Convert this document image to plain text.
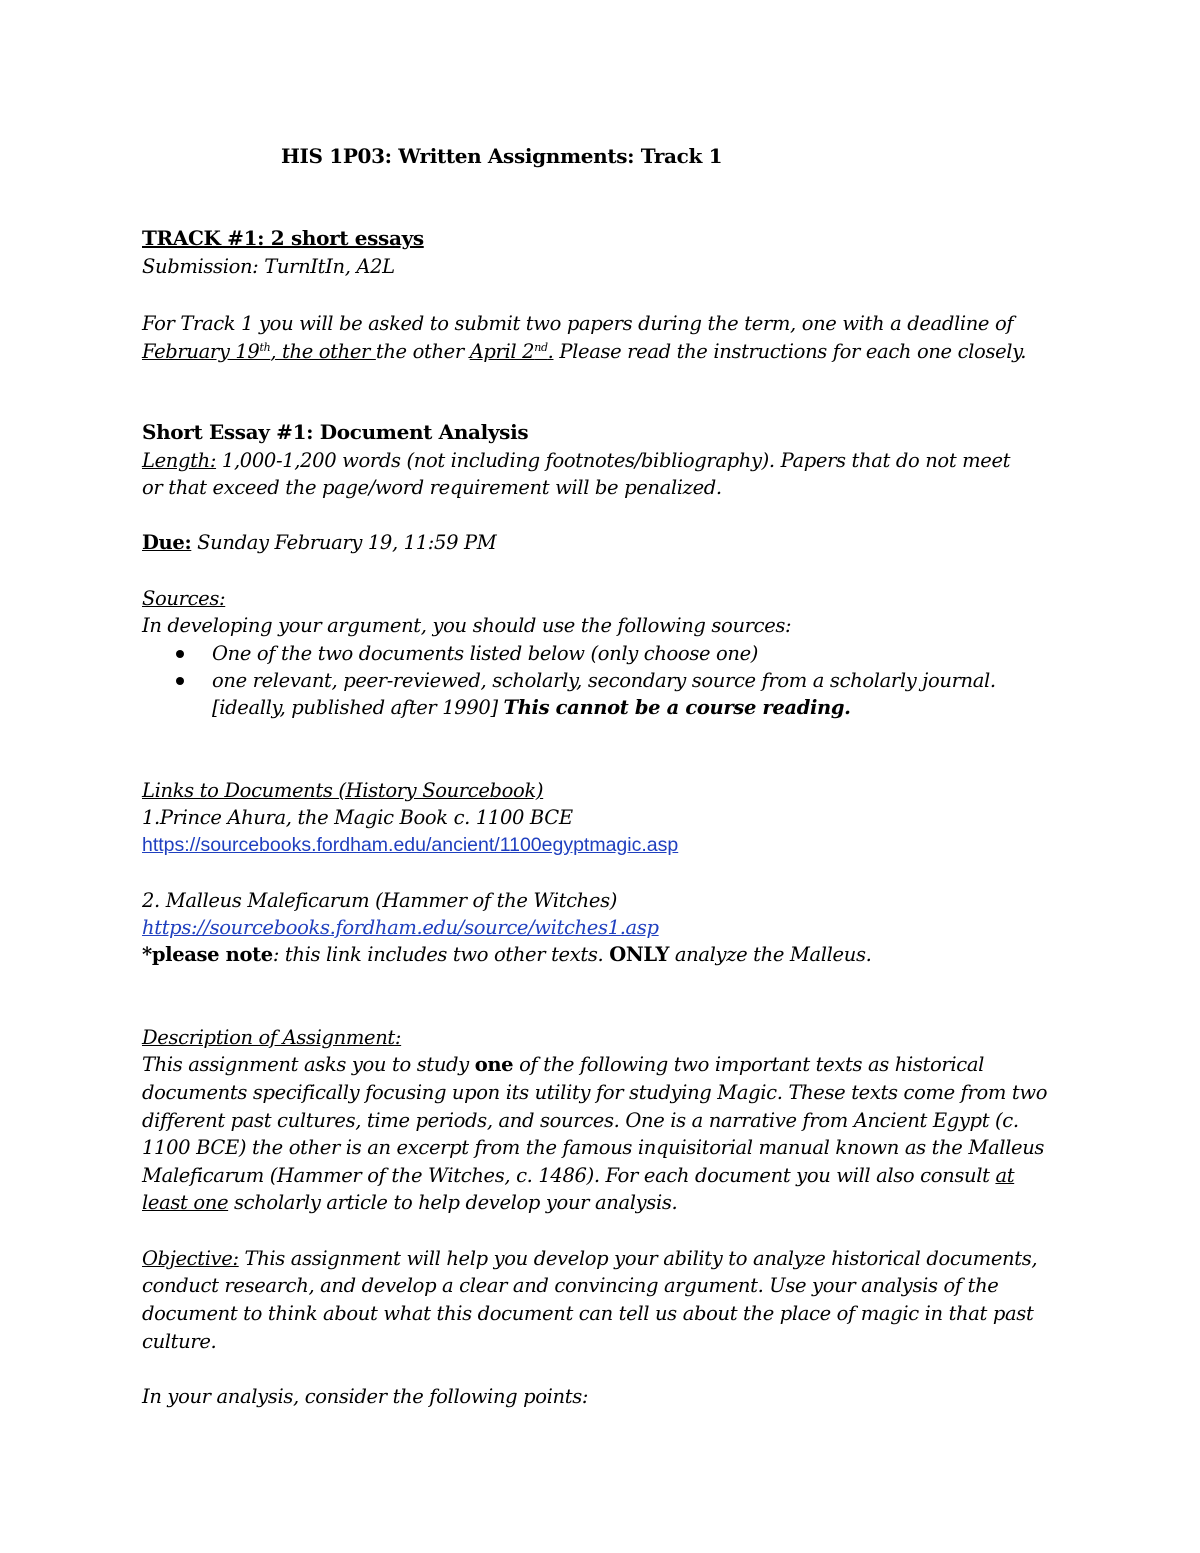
HIS 1P03: Written Assignments: Track 1

TRACK #1: 2 short essays

Submission: TurnItIn, A2L

For Track 1 you will be asked to submit two papers during the term, one with a deadline of

February 19th, the other the other April 2nd. Please read the instructions for each one closely.

Short Essay #1: Document Analysis

Length: 1,000-1,200 words (not including footnotes/bibliography). Papers that do not meet

or that exceed the page/word requirement will be penalized.

Due: Sunday February 19, 11:59 PM

Sources:

In developing your argument, you should use the following sources:

One of the two documents listed below (only choose one)
one relevant, peer-reviewed, scholarly, secondary source from a scholarly journal.
[ideally, published after 1990] This cannot be a course reading.

Links to Documents (History Sourcebook)

1.Prince Ahura, the Magic Book c. 1100 BCE

https://sourcebooks.fordham.edu/ancient/1100egyptmagic.asp

2. Malleus Maleficarum (Hammer of the Witches)

https://sourcebooks.fordham.edu/source/witches1.asp

*please note: this link includes two other texts. ONLY analyze the Malleus.

Description of Assignment:

This assignment asks you to study one of the following two important texts as historical

documents specifically focusing upon its utility for studying Magic. These texts come from two

different past cultures, time periods, and sources. One is a narrative from Ancient Egypt (c.

1100 BCE) the other is an excerpt from the famous inquisitorial manual known as the Malleus

Maleficarum (Hammer of the Witches, c. 1486). For each document you will also consult at

least one scholarly article to help develop your analysis.

Objective: This assignment will help you develop your ability to analyze historical documents,

conduct research, and develop a clear and convincing argument. Use your analysis of the

document to think about what this document can tell us about the place of magic in that past

culture.

In your analysis, consider the following points:
